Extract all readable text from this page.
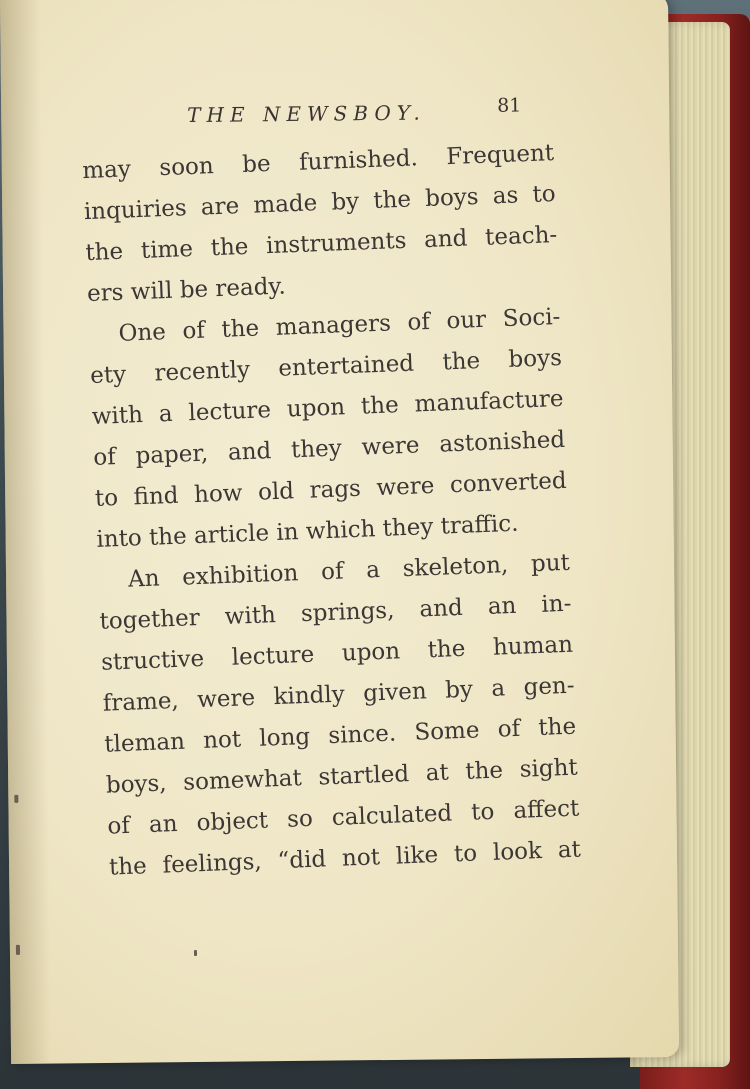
THE NEWSBOY.	81
may soon be furnished. Frequent
inquiries are made by the boys as to
the time the instruments and teach-
ers will be ready.
One of the managers of our Soci-
ety recently entertained the boys
with a lecture upon the manufacture
of paper, and they were astonished
to find how old rags were converted
into the article in which they traffic.
An exhibition of a skeleton, put
together with springs, and an in-
structive lecture upon the human
frame, were kindly given by a gen-
tleman not long since. Some of the
boys, somewhat startled at the sight
of an object so calculated to affect
the feelings, “did not like to look at
